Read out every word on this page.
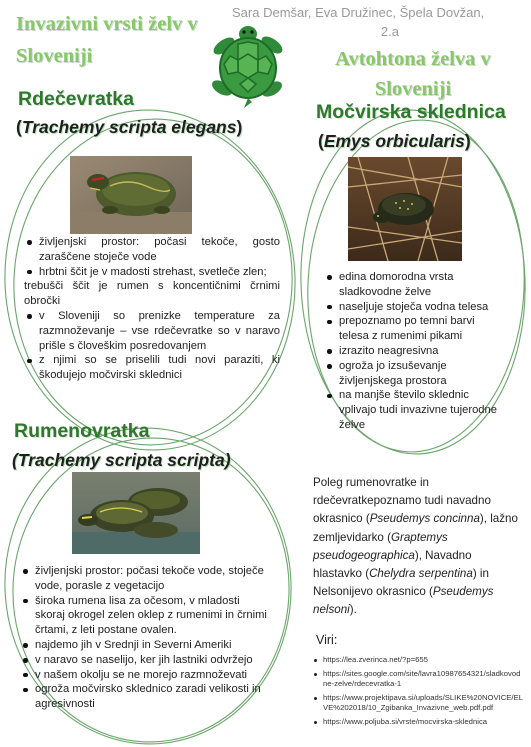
Invazivni vrsti želv v Sloveniji
Sara Demšar, Eva Družinec, Špela Dovžan,
2.a
Avtohtona želva v Sloveniji
Rdečevratka
(Trachemy scripta elegans)
življenjski prostor: počasi tekoče, gosto zaraščene stoječe vode
hrbtni ščit je v madosti strehast, svetleče zlen;
trebušči ščit je rumen s koncentičnimi črnimi obročki
v Sloveniji so prenizke temperature za razmnoževanje – vse rdečevratke so v naravo prišle s človeškim posredovanjem
z njimi so se priselili tudi novi paraziti, ki škodujejo močvirski sklednici
Rumenovratka
(Trachemy scripta scripta)
življenjski prostor: počasi tekoče vode, stoječe vode, porasle z vegetacijo
široka rumena lisa za očesom, v mladosti skoraj okrogel zelen oklep z rumenimi in črnimi črtami, z leti postane ovalen.
najdemo jih v Srednji in Severni Ameriki
v naravo se naselijo, ker jih lastniki odvržejo
v našem okolju se ne morejo razmnoževati
ogroža močvirsko sklednico zaradi velikosti in agresivnosti
Močvirska sklednica
(Emys orbicularis)
edina domorodna vrsta sladkovodne želve
naseljuje stoječa vodna telesa
prepoznamo po temni barvi telesa z rumenimi pikami
izrazito neagresivna
ogroža jo izsuševanje življenjskega prostora
na manjše število sklednic vplivajo tudi invazivne tujerodne želve
Poleg rumenovratke in rdečevratkepoznamo tudi navadno okrasnico (Pseudemys concinna), lažno zemljevidarko (Graptemys pseudogeographica), Navadno hlastavko (Chelydra serpentina) in Nelsonijevo okrasnico (Pseudemys nelsoni).
Viri:
https://lea.zverinca.net/?p=655
https://sites.google.com/site/lavra10987654321/sladkovodne-zelve/rdecevratka-1
https://www.projektipava.si/uploads/SLIKE%20NOVICE/ELVE%202018/10_Zgibanka_Invazivne_web.pdf.pdf
https://www.poljuba.si/vrste/mocvirska-sklednica
